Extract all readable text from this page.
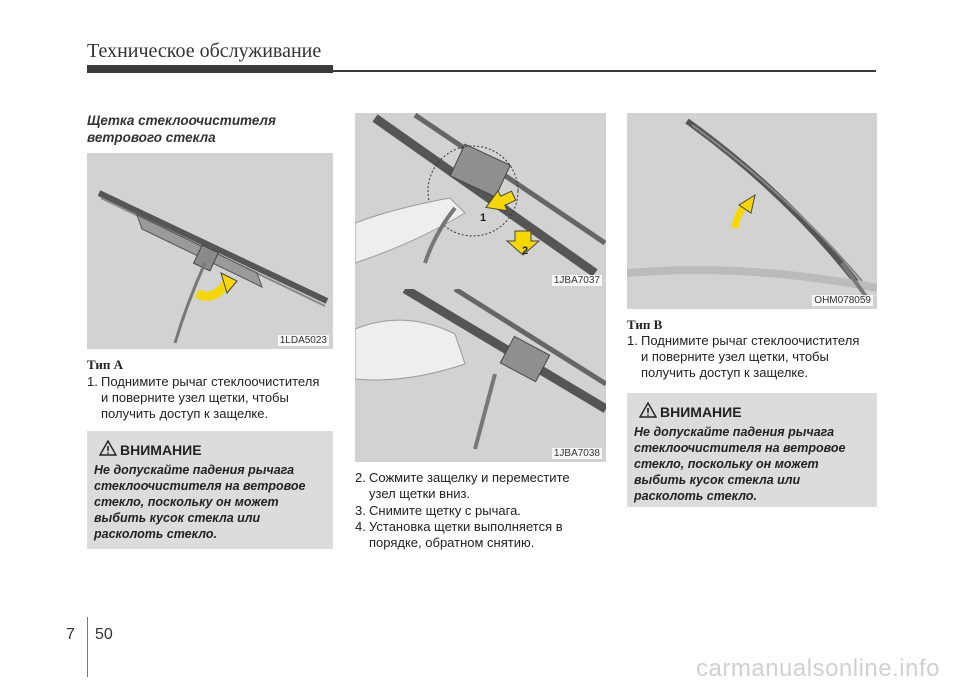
Техническое обслуживание
Щетка стеклоочистителя
ветрового стекла
1LDA5023
Тип A
1. Поднимите рычаг стеклоочистителя
и поверните узел щетки, чтобы
получить доступ к защелке.
ВНИМАНИЕ
Не допускайте падения рычага
стеклоочистителя на ветровое
стекло, поскольку он может
выбить кусок стекла или
расколоть стекло.
1
2
1JBA7037
1JBA7038
2. Сожмите защелку и переместите
узел щетки вниз.
3. Снимите щетку с рычага.
4. Установка щетки выполняется в
порядке, обратном снятию.
OHM078059
Тип B
1. Поднимите рычаг стеклоочистителя
и поверните узел щетки, чтобы
получить доступ к защелке.
ВНИМАНИЕ
Не допускайте падения рычага
стеклоочистителя на ветровое
стекло, поскольку он может
выбить кусок стекла или
расколоть стекло.
7 50
carmanualsonline.info
